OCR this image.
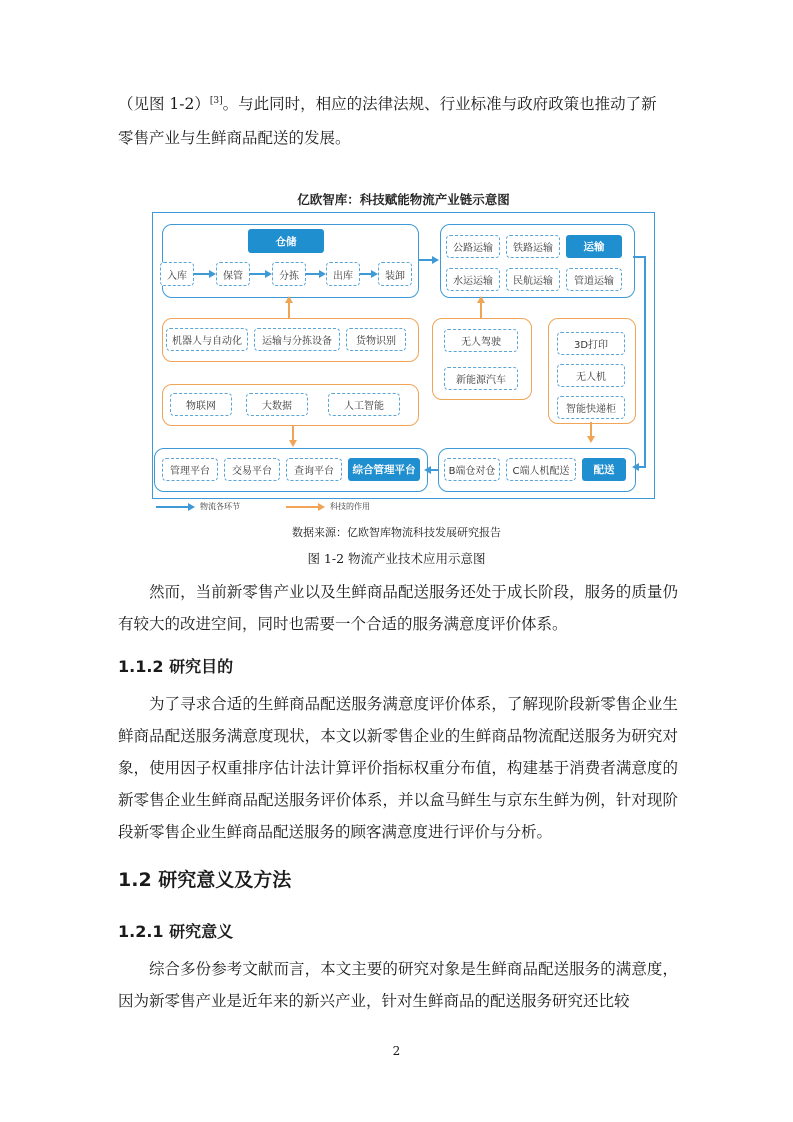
（见图 1-2）[3]。与此同时，相应的法律法规、行业标准与政府政策也推动了新

零售产业与生鲜商品配送的发展。

亿欧智库：科技赋能物流产业链示意图
仓储
入库	保管	分拣	出库	装卸
公路运输	铁路运输	运输
水运运输	民航运输	管道运输
机器人与自动化	运输与分拣设备	货物识别	无人驾驶
新能源汽车
3D打印
无人机
智能快递柜
物联网	大数据	人工智能
管理平台	交易平台	查询平台	综合管理平台	B端仓对仓	C端人机配送	配送
物流各环节	科技的作用

数据来源：亿欧智库物流科技发展研究报告

图 1-2 物流产业技术应用示意图

然而，当前新零售产业以及生鲜商品配送服务还处于成长阶段，服务的质量仍有较大的改进空间，同时也需要一个合适的服务满意度评价体系。

1.1.2 研究目的

为了寻求合适的生鲜商品配送服务满意度评价体系，了解现阶段新零售企业生鲜商品配送服务满意度现状，本文以新零售企业的生鲜商品物流配送服务为研究对象，使用因子权重排序估计法计算评价指标权重分布值，构建基于消费者满意度的新零售企业生鲜商品配送服务评价体系，并以盒马鲜生与京东生鲜为例，针对现阶段新零售企业生鲜商品配送服务的顾客满意度进行评价与分析。

1.2 研究意义及方法
1.2.1 研究意义

综合多份参考文献而言，本文主要的研究对象是生鲜商品配送服务的满意度，因为新零售产业是近年来的新兴产业，针对生鲜商品的配送服务研究还比较

2
